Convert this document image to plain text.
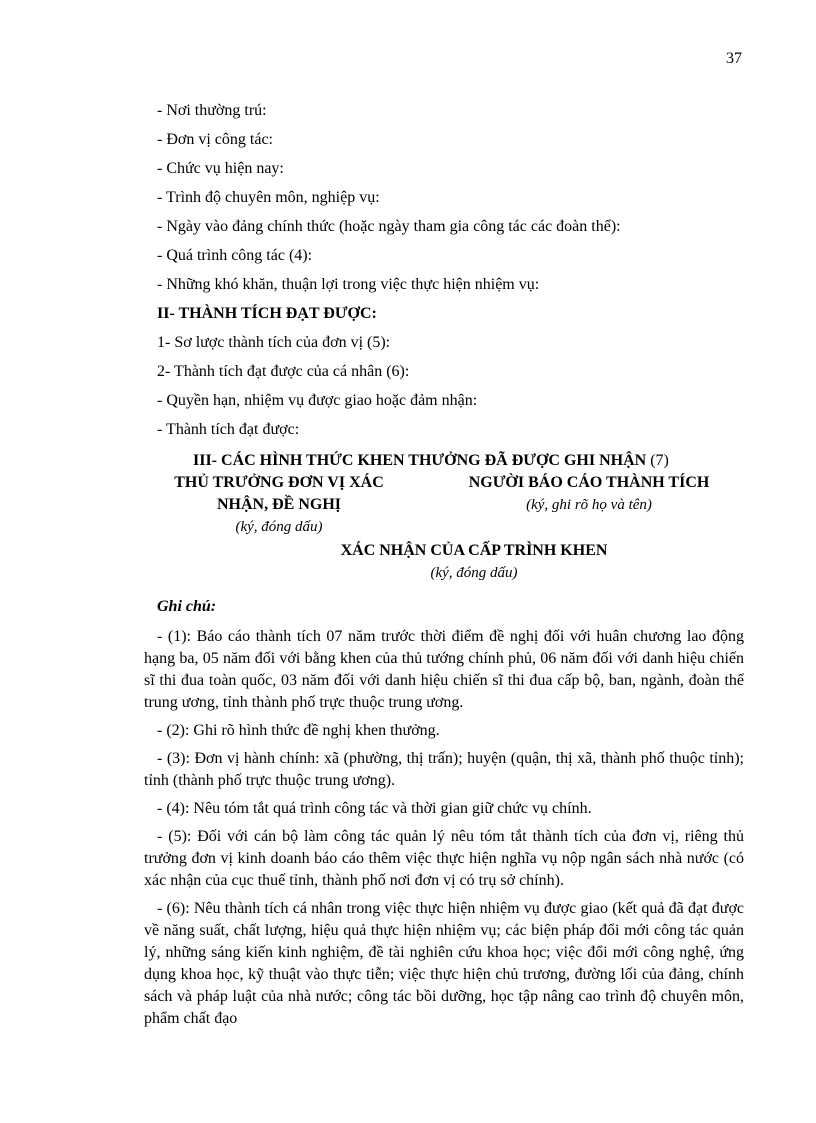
37
- Nơi thường trú:
- Đơn vị công tác:
- Chức vụ hiện nay:
- Trình độ chuyên môn, nghiệp vụ:
- Ngày vào đảng chính thức (hoặc ngày tham gia công tác các đoàn thể):
- Quá trình công tác (4):
- Những khó khăn, thuận lợi trong việc thực hiện nhiệm vụ:
II- THÀNH TÍCH ĐẠT ĐƯỢC:
1- Sơ lược thành tích của đơn vị (5):
2- Thành tích đạt được của cá nhân (6):
- Quyền hạn, nhiệm vụ được giao hoặc đảm nhận:
- Thành tích đạt được:
III- CÁC HÌNH THỨC KHEN THƯỞNG ĐÃ ĐƯỢC GHI NHẬN (7)
THỦ TRƯỞNG ĐƠN VỊ XÁC
NHẬN, ĐỀ NGHỊ
(ký, đóng dấu)
NGƯỜI BÁO CÁO THÀNH TÍCH
(ký, ghi rõ họ và tên)
XÁC NHẬN CỦA CẤP TRÌNH KHEN
(ký, đóng dấu)
Ghi chú:
- (1): Báo cáo thành tích 07 năm trước thời điểm đề nghị đối với huân chương lao động hạng ba, 05 năm đối với bằng khen của thủ tướng chính phủ, 06 năm đối với danh hiệu chiến sĩ thi đua toàn quốc, 03 năm đối với danh hiệu chiến sĩ thi đua cấp bộ, ban, ngành, đoàn thể trung ương, tỉnh thành phố trực thuộc trung ương.
- (2): Ghi rõ hình thức đề nghị khen thưởng.
- (3): Đơn vị hành chính: xã (phường, thị trấn); huyện (quận, thị xã, thành phố thuộc tỉnh); tỉnh (thành phố trực thuộc trung ương).
- (4): Nêu tóm tắt quá trình công tác và thời gian giữ chức vụ chính.
- (5): Đối với cán bộ làm công tác quản lý nêu tóm tắt thành tích của đơn vị, riêng thủ trưởng đơn vị kinh doanh báo cáo thêm việc thực hiện nghĩa vụ nộp ngân sách nhà nước (có xác nhận của cục thuế tỉnh, thành phố nơi đơn vị có trụ sở chính).
- (6): Nêu thành tích cá nhân trong việc thực hiện nhiệm vụ được giao (kết quả đã đạt được về năng suất, chất lượng, hiệu quả thực hiện nhiệm vụ; các biện pháp đổi mới công tác quản lý, những sáng kiến kinh nghiệm, đề tài nghiên cứu khoa học; việc đổi mới công nghệ, ứng dụng khoa học, kỹ thuật vào thực tiễn; việc thực hiện chủ trương, đường lối của đảng, chính sách và pháp luật của nhà nước; công tác bồi dưỡng, học tập nâng cao trình độ chuyên môn, phẩm chất đạo
